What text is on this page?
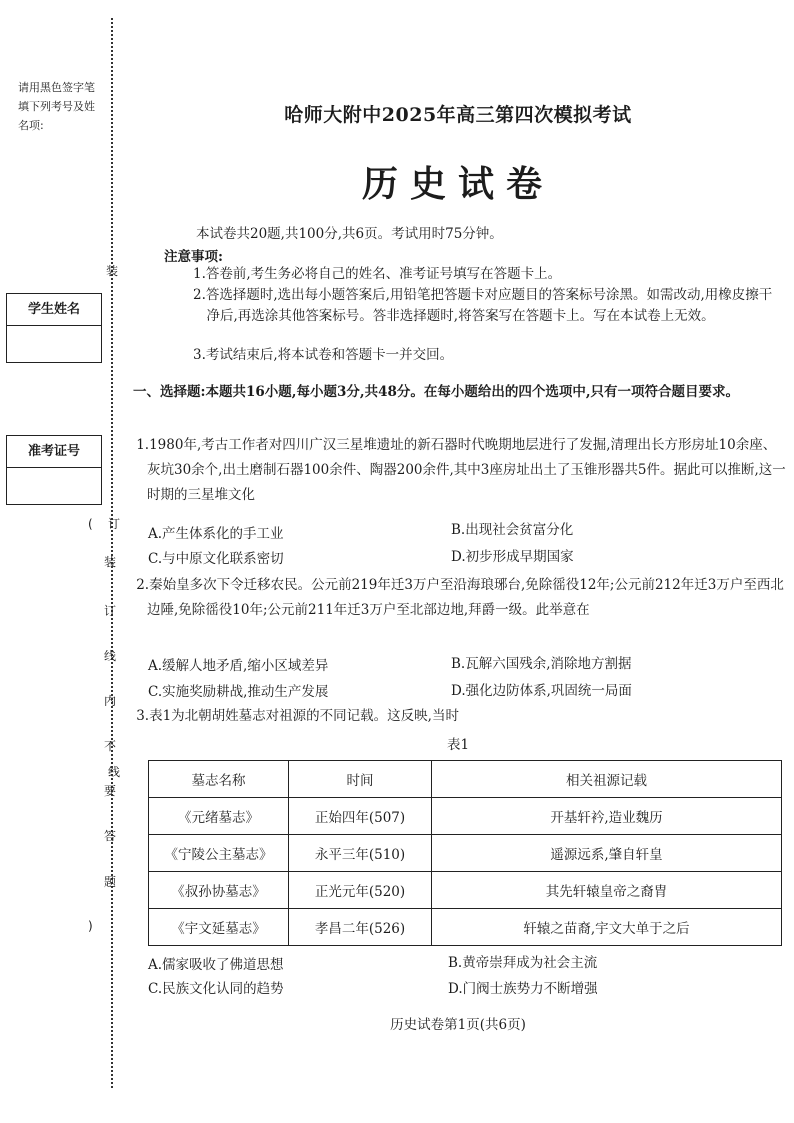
请用黑色签字笔填下列考号及姓名项:
学生姓名
准考证号
(
装
订
线
内
不
要
答
题
)
装
订
线
哈师大附中2025年高三第四次模拟考试
历史试卷
本试卷共20题,共100分,共6页。考试用时75分钟。
注意事项:
1.答卷前,考生务必将自己的姓名、准考证号填写在答题卡上。
2.答选择题时,选出每小题答案后,用铅笔把答题卡对应题目的答案标号涂黑。如需改动,用橡皮擦干净后,再选涂其他答案标号。答非选择题时,将答案写在答题卡上。写在本试卷上无效。
3.考试结束后,将本试卷和答题卡一并交回。
一、选择题:本题共16小题,每小题3分,共48分。在每小题给出的四个选项中,只有一项符合题目要求。
1.1980年,考古工作者对四川广汉三星堆遗址的新石器时代晚期地层进行了发掘,清理出长方形房址10余座、灰坑30余个,出土磨制石器100余件、陶器200余件,其中3座房址出土了玉锥形器共5件。据此可以推断,这一时期的三星堆文化
A.产生体系化的手工业	B.出现社会贫富分化
C.与中原文化联系密切	D.初步形成早期国家
2.秦始皇多次下令迁移农民。公元前219年迁3万户至沿海琅琊台,免除徭役12年;公元前212年迁3万户至西北边陲,免除徭役10年;公元前211年迁3万户至北部边地,拜爵一级。此举意在
A.缓解人地矛盾,缩小区域差异	B.瓦解六国残余,消除地方割据
C.实施奖励耕战,推动生产发展	D.强化边防体系,巩固统一局面
3.表1为北朝胡姓墓志对祖源的不同记载。这反映,当时
表1
墓志名称	时间	相关祖源记载
《元绪墓志》	正始四年(507)	开基轩衿,造业魏历
《宁陵公主墓志》	永平三年(510)	遥源远系,肇自轩皇
《叔孙协墓志》	正光元年(520)	其先轩辕皇帝之裔胄
《宇文延墓志》	孝昌二年(526)	轩辕之苗裔,宇文大单于之后
A.儒家吸收了佛道思想	B.黄帝崇拜成为社会主流
C.民族文化认同的趋势	D.门阀士族势力不断增强
历史试卷第1页(共6页)
